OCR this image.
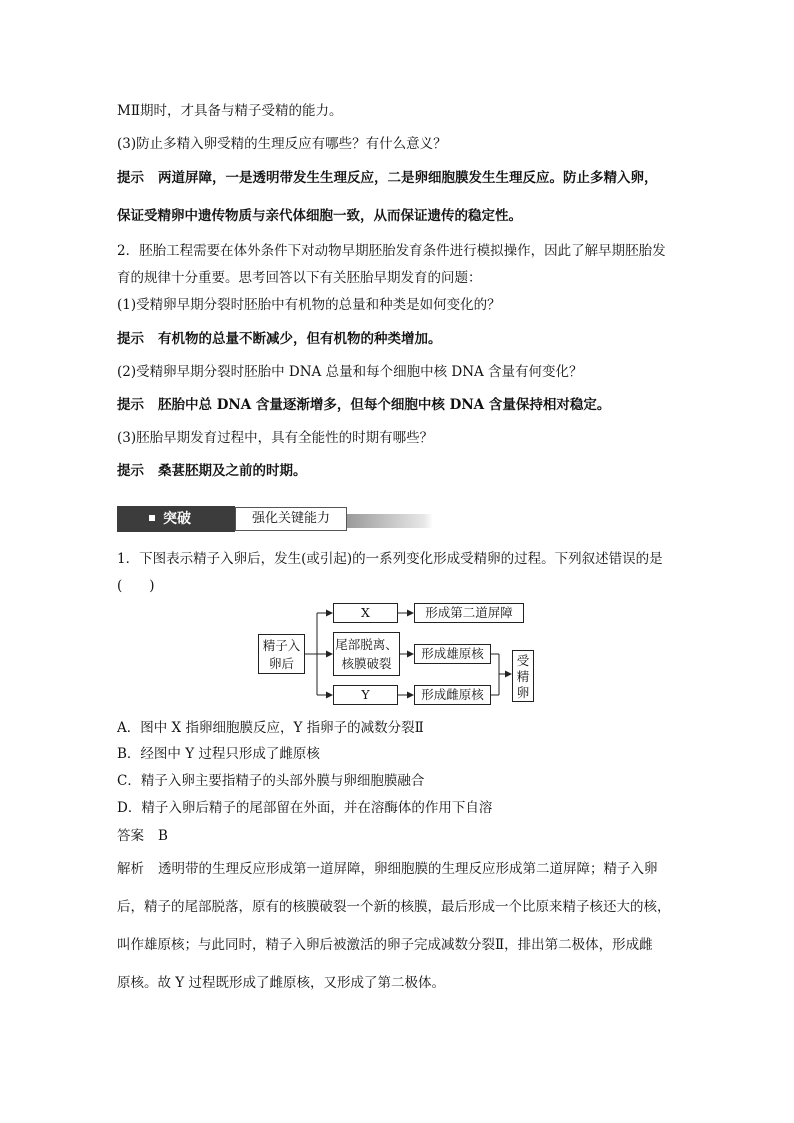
MⅡ期时，才具备与精子受精的能力。
(3)防止多精入卵受精的生理反应有哪些？有什么意义？
提示 两道屏障，一是透明带发生生理反应，二是卵细胞膜发生生理反应。防止多精入卵，
保证受精卵中遗传物质与亲代体细胞一致，从而保证遗传的稳定性。
2．胚胎工程需要在体外条件下对动物早期胚胎发育条件进行模拟操作，因此了解早期胚胎发
育的规律十分重要。思考回答以下有关胚胎早期发育的问题：
(1)受精卵早期分裂时胚胎中有机物的总量和种类是如何变化的？
提示 有机物的总量不断减少，但有机物的种类增加。
(2)受精卵早期分裂时胚胎中 DNA 总量和每个细胞中核 DNA 含量有何变化？
提示 胚胎中总 DNA 含量逐渐增多，但每个细胞中核 DNA 含量保持相对稳定。
(3)胚胎早期发育过程中，具有全能性的时期有哪些？
提示 桑葚胚期及之前的时期。
突破	强化关键能力
1．下图表示精子入卵后，发生(或引起)的一系列变化形成受精卵的过程。下列叙述错误的是
(　　)
精子入
卵后
X
尾部脱离、
核膜破裂
Y
形成第二道屏障
形成雄原核
形成雌原核
受精卵
A．图中 X 指卵细胞膜反应，Y 指卵子的减数分裂Ⅱ
B．经图中 Y 过程只形成了雌原核
C．精子入卵主要指精子的头部外膜与卵细胞膜融合
D．精子入卵后精子的尾部留在外面，并在溶酶体的作用下自溶
答案 B
解析 透明带的生理反应形成第一道屏障，卵细胞膜的生理反应形成第二道屏障；精子入卵
后，精子的尾部脱落，原有的核膜破裂一个新的核膜，最后形成一个比原来精子核还大的核，
叫作雄原核；与此同时，精子入卵后被激活的卵子完成减数分裂Ⅱ，排出第二极体，形成雌
原核。故 Y 过程既形成了雌原核，又形成了第二极体。
